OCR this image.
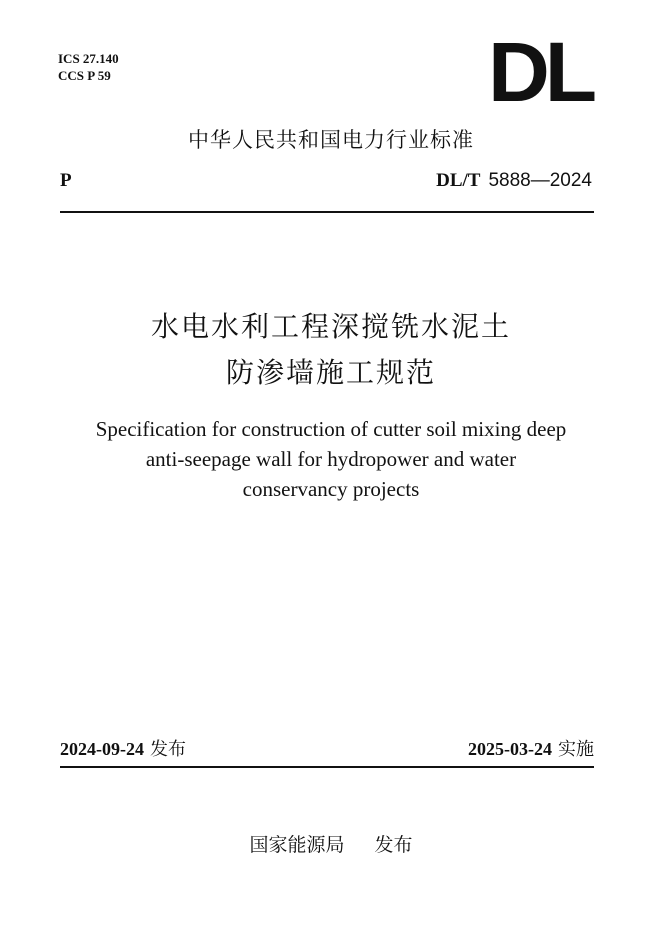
ICS 27.140
CCS P 59	DL
中华人民共和国电力行业标准
P	DL/T 5888—2024
水电水利工程深搅铣水泥土
防渗墙施工规范
Specification for construction of cutter soil mixing deep
anti-seepage wall for hydropower and water
conservancy projects
2024-09-24 发布	2025-03-24 实施
国家能源局 发布
